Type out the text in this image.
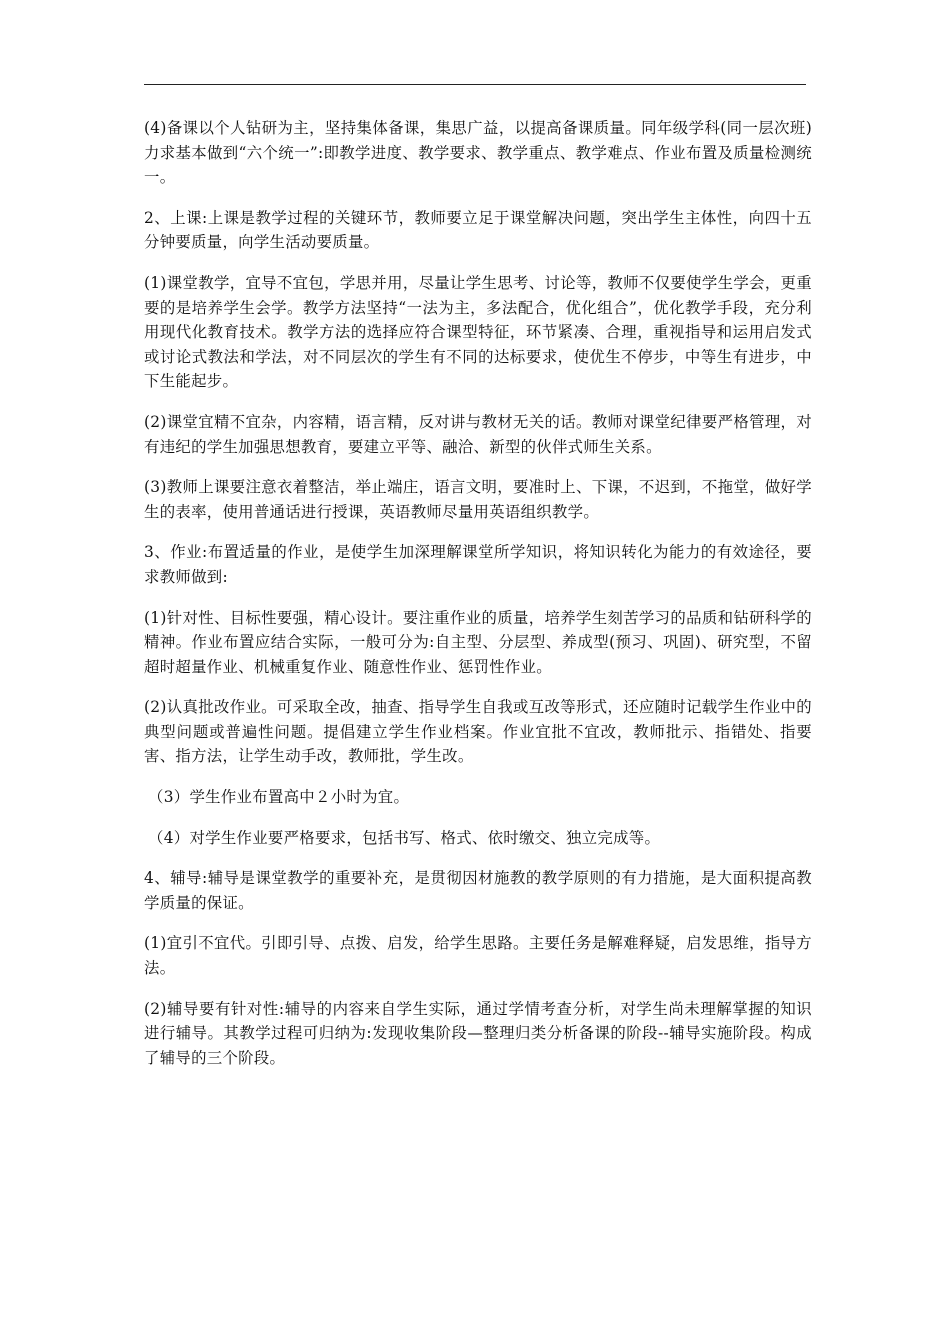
(4)备课以个人钻研为主，坚持集体备课，集思广益，以提高备课质量。同年级学科(同一层次班)力求基本做到“六个统一”:即教学进度、教学要求、教学重点、教学难点、作业布置及质量检测统一。

2、上课:上课是教学过程的关键环节，教师要立足于课堂解决问题，突出学生主体性，向四十五分钟要质量，向学生活动要质量。

(1)课堂教学，宜导不宜包，学思并用，尽量让学生思考、讨论等，教师不仅要使学生学会，更重要的是培养学生会学。教学方法坚持“一法为主，多法配合，优化组合”，优化教学手段，充分利用现代化教育技术。教学方法的选择应符合课型特征，环节紧凑、合理，重视指导和运用启发式或讨论式教法和学法，对不同层次的学生有不同的达标要求，使优生不停步，中等生有进步，中下生能起步。

(2)课堂宜精不宜杂，内容精，语言精，反对讲与教材无关的话。教师对课堂纪律要严格管理，对有违纪的学生加强思想教育，要建立平等、融洽、新型的伙伴式师生关系。

(3)教师上课要注意衣着整洁，举止端庄，语言文明，要准时上、下课，不迟到，不拖堂，做好学生的表率，使用普通话进行授课，英语教师尽量用英语组织教学。

3、作业:布置适量的作业，是使学生加深理解课堂所学知识，将知识转化为能力的有效途径，要求教师做到:

(1)针对性、目标性要强，精心设计。要注重作业的质量，培养学生刻苦学习的品质和钻研科学的精神。作业布置应结合实际，一般可分为:自主型、分层型、养成型(预习、巩固)、研究型，不留超时超量作业、机械重复作业、随意性作业、惩罚性作业。

(2)认真批改作业。可采取全改，抽查、指导学生自我或互改等形式，还应随时记载学生作业中的典型问题或普遍性问题。提倡建立学生作业档案。作业宜批不宜改，教师批示、指错处、指要害、指方法，让学生动手改，教师批，学生改。

（3）学生作业布置高中２小时为宜。

（4）对学生作业要严格要求，包括书写、格式、依时缴交、独立完成等。

4、辅导:辅导是课堂教学的重要补充，是贯彻因材施教的教学原则的有力措施，是大面积提高教学质量的保证。

(1)宜引不宜代。引即引导、点拨、启发，给学生思路。主要任务是解难释疑，启发思维，指导方法。

(2)辅导要有针对性:辅导的内容来自学生实际，通过学情考查分析，对学生尚未理解掌握的知识进行辅导。其教学过程可归纳为:发现收集阶段—整理归类分析备课的阶段--辅导实施阶段。构成了辅导的三个阶段。
